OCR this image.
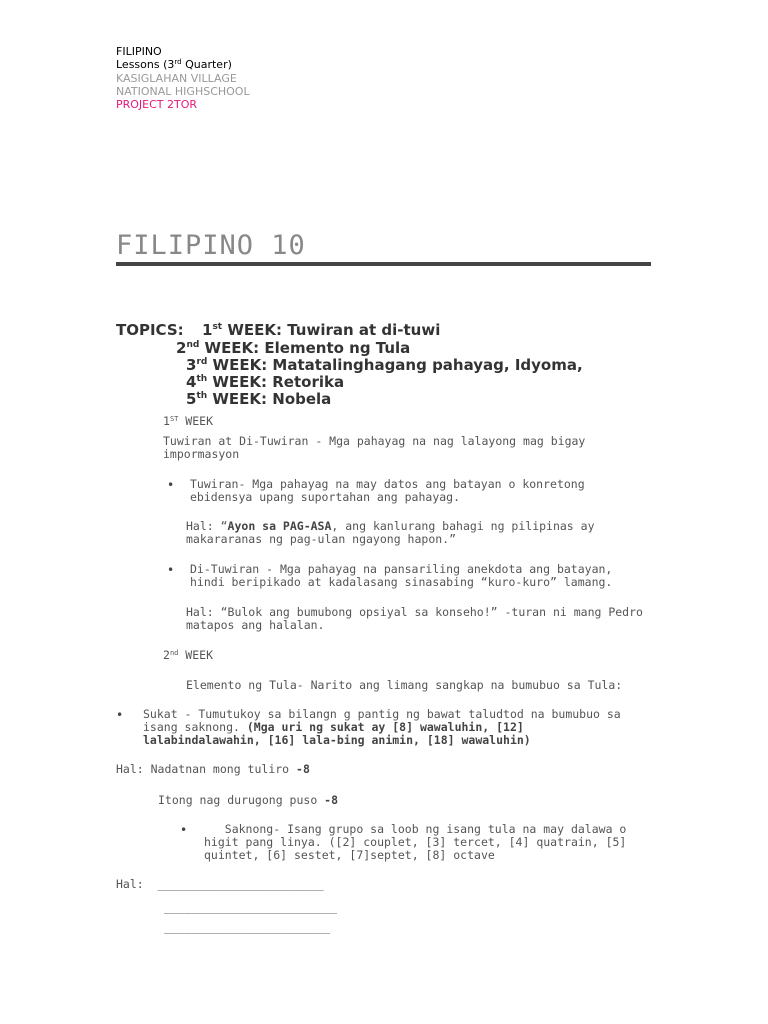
FILIPINO
Lessons (3rd Quarter)
KASIGLAHAN VILLAGE
NATIONAL HIGHSCHOOL
PROJECT 2TOR
FILIPINO 10
TOPICS: 1st WEEK: Tuwiran at di-tuwi
2nd WEEK: Elemento ng Tula
3rd WEEK: Matatalinghagang pahayag, Idyoma,
4th WEEK: Retorika
5th WEEK: Nobela
1ST WEEK
Tuwiran at Di-Tuwiran - Mga pahayag na nag lalayong mag bigay
impormasyon
• Tuwiran- Mga pahayag na may datos ang batayan o konretong
ebidensya upang suportahan ang pahayag.
Hal: “Ayon sa PAG-ASA, ang kanlurang bahagi ng pilipinas ay
makararanas ng pag-ulan ngayong hapon.”
• Di-Tuwiran - Mga pahayag na pansariling anekdota ang batayan,
hindi beripikado at kadalasang sinasabing “kuro-kuro” lamang.
Hal: “Bulok ang bumubong opsiyal sa konseho!” -turan ni mang Pedro
matapos ang halalan.
2nd WEEK
Elemento ng Tula- Narito ang limang sangkap na bumubuo sa Tula:
• Sukat - Tumutukoy sa bilangn g pantig ng bawat taludtod na bumubuo sa
isang saknong. (Mga uri ng sukat ay [8] wawaluhin, [12]
lalabindalawahin, [16] lala-bing animin, [18] wawaluhin)
Hal: Nadatnan mong tuliro -8
Itong nag durugong puso -8
• Saknong- Isang grupo sa loob ng isang tula na may dalawa o
higit pang linya. ([2] couplet, [3] tercet, [4] quatrain, [5]
quintet, [6] sestet, [7]septet, [8] octave
Hal:  ________________________
_________________________
________________________
